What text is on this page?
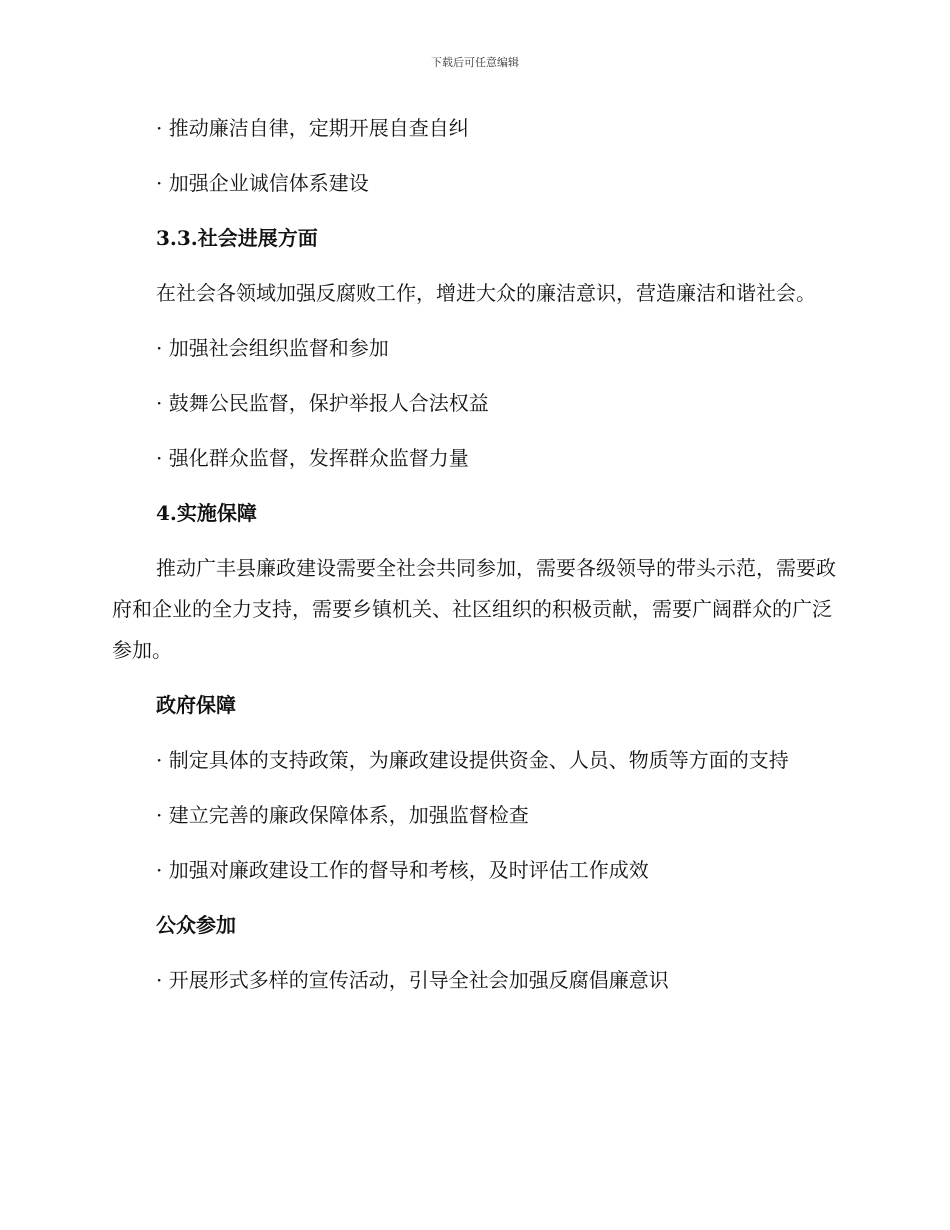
下载后可任意编辑

· 推动廉洁自律，定期开展自查自纠

· 加强企业诚信体系建设

3.3.社会进展方面

在社会各领域加强反腐败工作，增进大众的廉洁意识，营造廉洁和谐社会。

· 加强社会组织监督和参加

· 鼓舞公民监督，保护举报人合法权益

· 强化群众监督，发挥群众监督力量

4.实施保障

推动广丰县廉政建设需要全社会共同参加，需要各级领导的带头示范，需要政府和企业的全力支持，需要乡镇机关、社区组织的积极贡献，需要广阔群众的广泛参加。

政府保障

· 制定具体的支持政策，为廉政建设提供资金、人员、物质等方面的支持

· 建立完善的廉政保障体系，加强监督检查

· 加强对廉政建设工作的督导和考核，及时评估工作成效

公众参加

· 开展形式多样的宣传活动，引导全社会加强反腐倡廉意识
